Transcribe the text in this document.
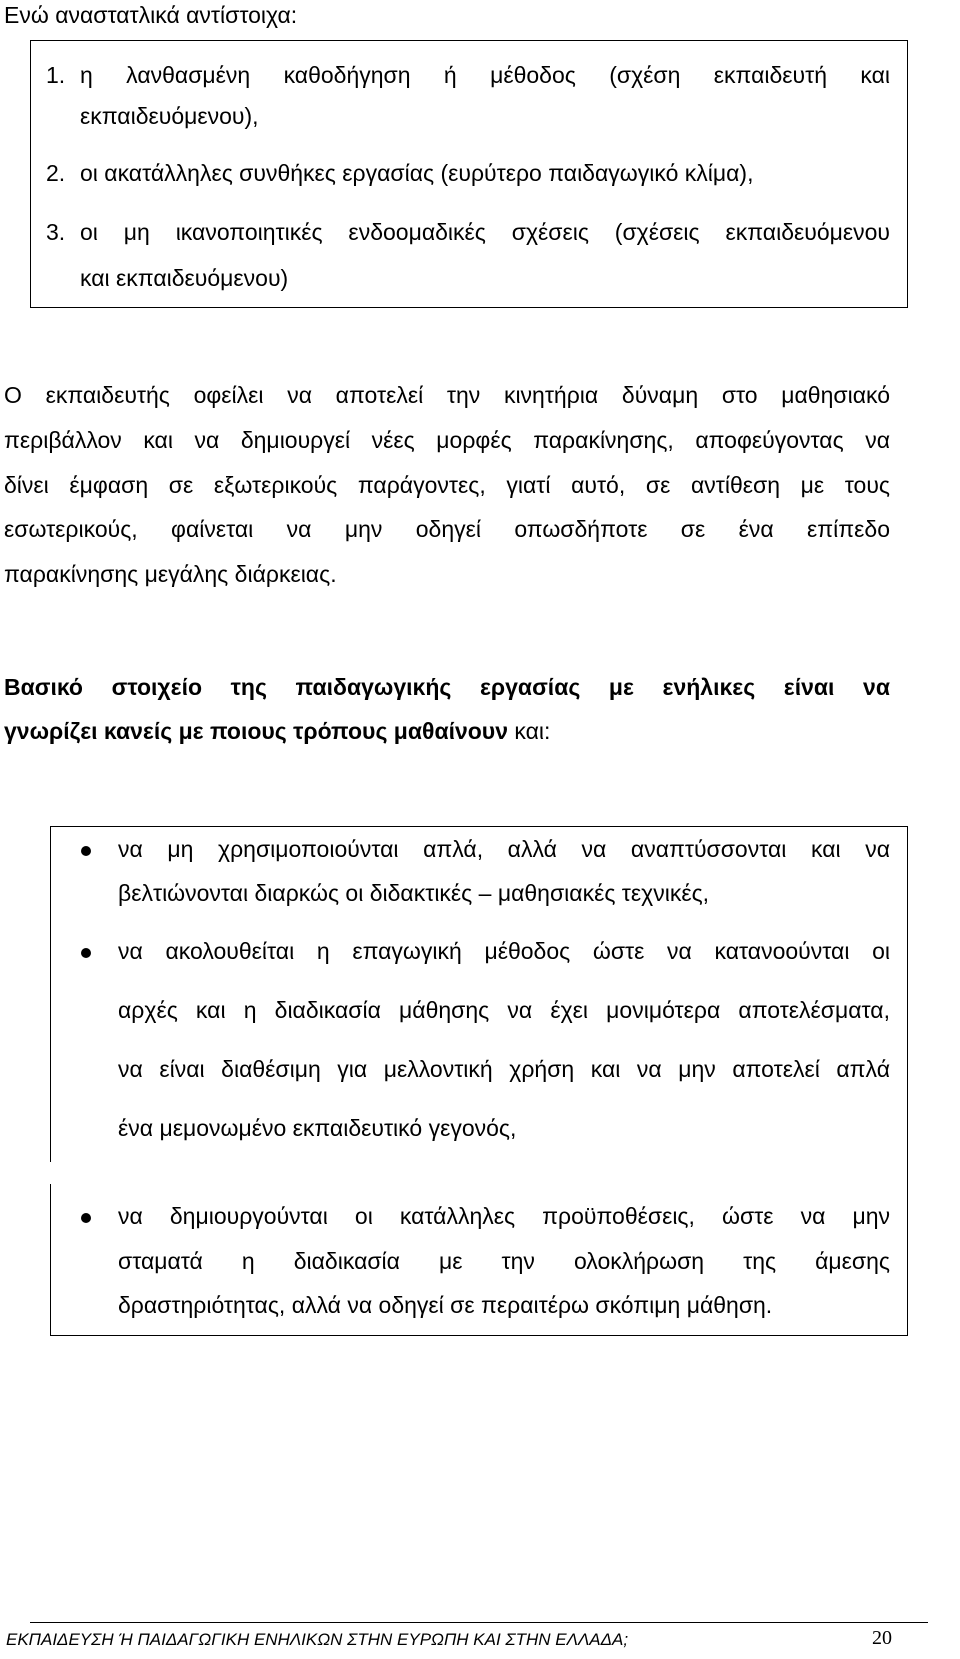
Ενώ αναστατλικά αντίστοιχα:
1. η λανθασμένη καθοδήγηση ή μέθοδος (σχέση εκπαιδευτή και
εκπαιδευόμενου),
2. οι ακατάλληλες συνθήκες εργασίας (ευρύτερο παιδαγωγικό κλίμα),
3. οι μη ικανοποιητικές ενδοομαδικές σχέσεις (σχέσεις εκπαιδευόμενου
και εκπαιδευόμενου)
Ο εκπαιδευτής οφείλει να αποτελεί την κινητήρια δύναμη στο μαθησιακό
περιβάλλον και να δημιουργεί νέες μορφές παρακίνησης, αποφεύγοντας να
δίνει έμφαση σε εξωτερικούς παράγοντες, γιατί αυτό, σε αντίθεση με τους
εσωτερικούς, φαίνεται να μην οδηγεί οπωσδήποτε σε ένα επίπεδο
παρακίνησης μεγάλης διάρκειας.
Βασικό στοιχείο της παιδαγωγικής εργασίας με ενήλικες είναι να
γνωρίζει κανείς με ποιους τρόπους μαθαίνουν και:
να μη χρησιμοποιούνται απλά, αλλά να αναπτύσσονται και να
βελτιώνονται διαρκώς οι διδακτικές – μαθησιακές τεχνικές,
να ακολουθείται η επαγωγική μέθοδος ώστε να κατανοούνται οι
αρχές και η διαδικασία μάθησης να έχει μονιμότερα αποτελέσματα,
να είναι διαθέσιμη για μελλοντική χρήση και να μην αποτελεί απλά
ένα μεμονωμένο εκπαιδευτικό γεγονός,
να δημιουργούνται οι κατάλληλες προϋποθέσεις, ώστε να μην
σταματά η διαδικασία με την ολοκλήρωση της άμεσης
δραστηριότητας, αλλά να οδηγεί σε περαιτέρω σκόπιμη μάθηση.
ΕΚΠΑΙΔΕΥΣΗ Ή ΠΑΙΔΑΓΩΓΙΚΗ ΕΝΗΛΙΚΩΝ ΣΤΗΝ ΕΥΡΩΠΗ ΚΑΙ ΣΤΗΝ ΕΛΛΑΔΑ;	20
